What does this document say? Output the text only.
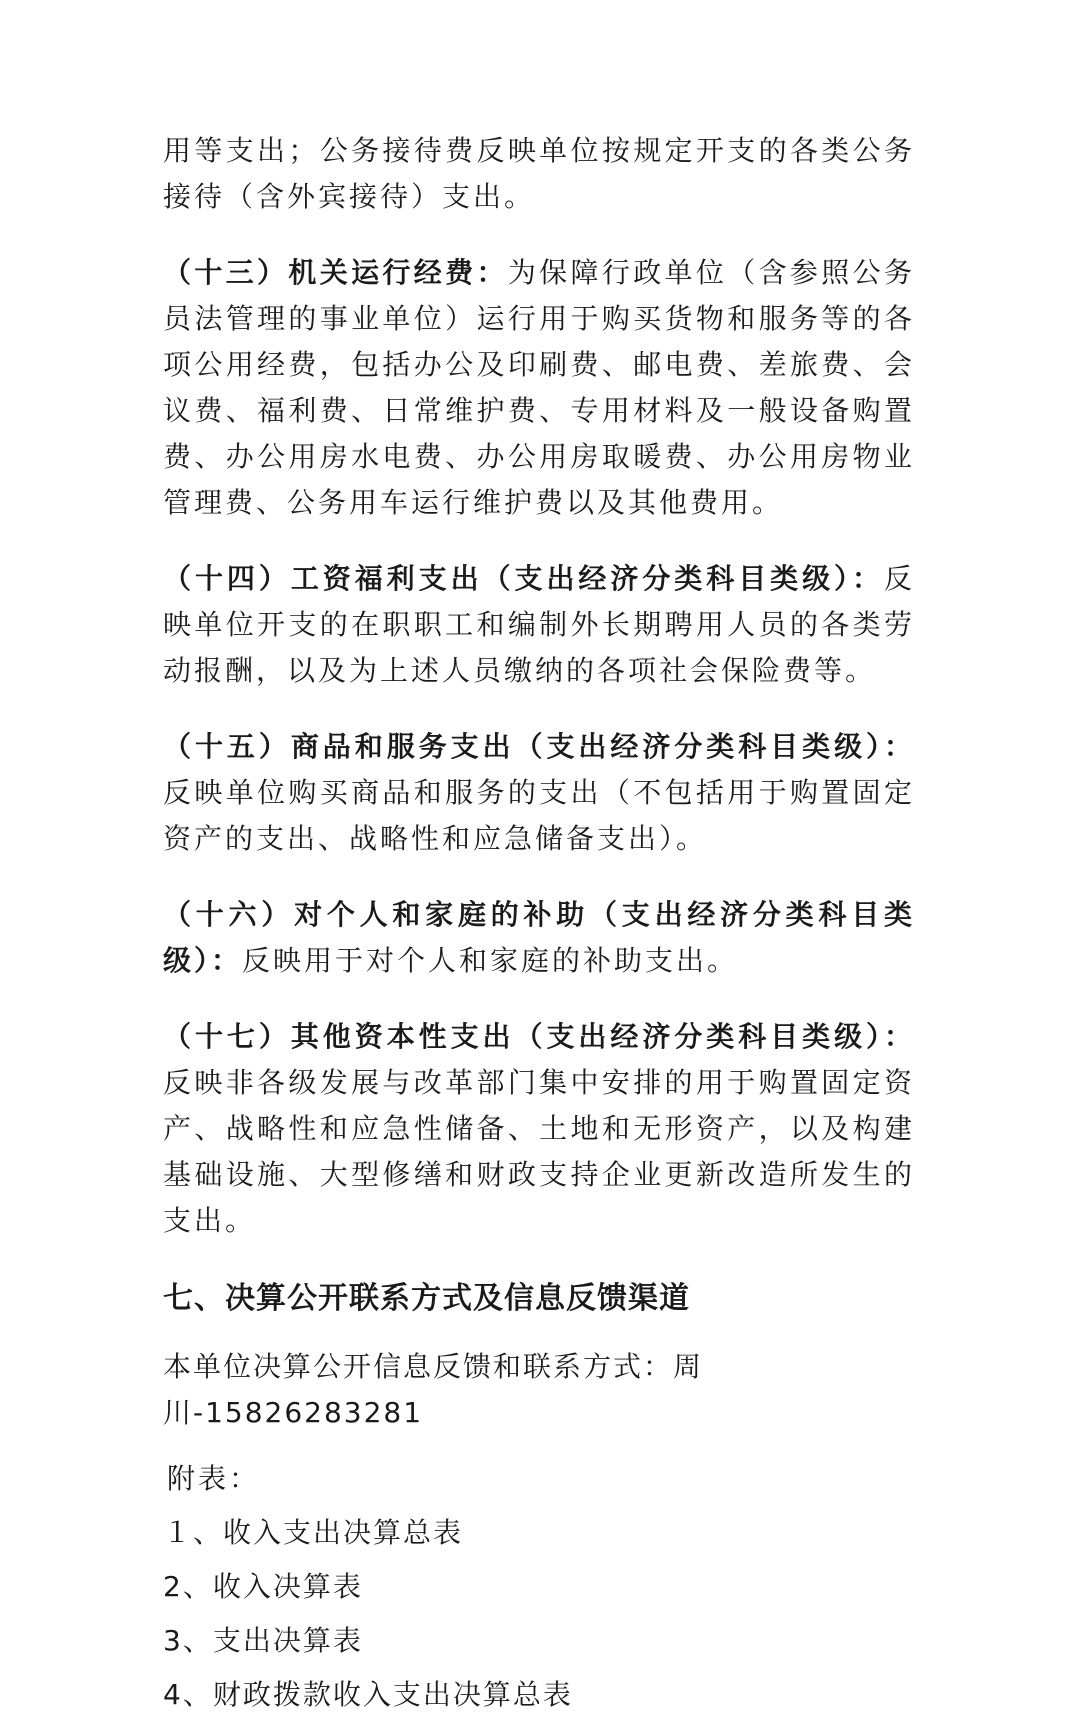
用等支出；公务接待费反映单位按规定开支的各类公务接待（含外宾接待）支出。

（十三）机关运行经费：为保障行政单位（含参照公务员法管理的事业单位）运行用于购买货物和服务等的各项公用经费，包括办公及印刷费、邮电费、差旅费、会议费、福利费、日常维护费、专用材料及一般设备购置费、办公用房水电费、办公用房取暖费、办公用房物业管理费、公务用车运行维护费以及其他费用。

（十四）工资福利支出（支出经济分类科目类级）：反映单位开支的在职职工和编制外长期聘用人员的各类劳动报酬，以及为上述人员缴纳的各项社会保险费等。

（十五）商品和服务支出（支出经济分类科目类级）：反映单位购买商品和服务的支出（不包括用于购置固定资产的支出、战略性和应急储备支出）。

（十六）对个人和家庭的补助（支出经济分类科目类级）：反映用于对个人和家庭的补助支出。

（十七）其他资本性支出（支出经济分类科目类级）：反映非各级发展与改革部门集中安排的用于购置固定资产、战略性和应急性储备、土地和无形资产，以及构建基础设施、大型修缮和财政支持企业更新改造所发生的支出。

七、决算公开联系方式及信息反馈渠道

本单位决算公开信息反馈和联系方式：周川-15826283281

附表：

１、收入支出决算总表

2、收入决算表

3、支出决算表

4、财政拨款收入支出决算总表
